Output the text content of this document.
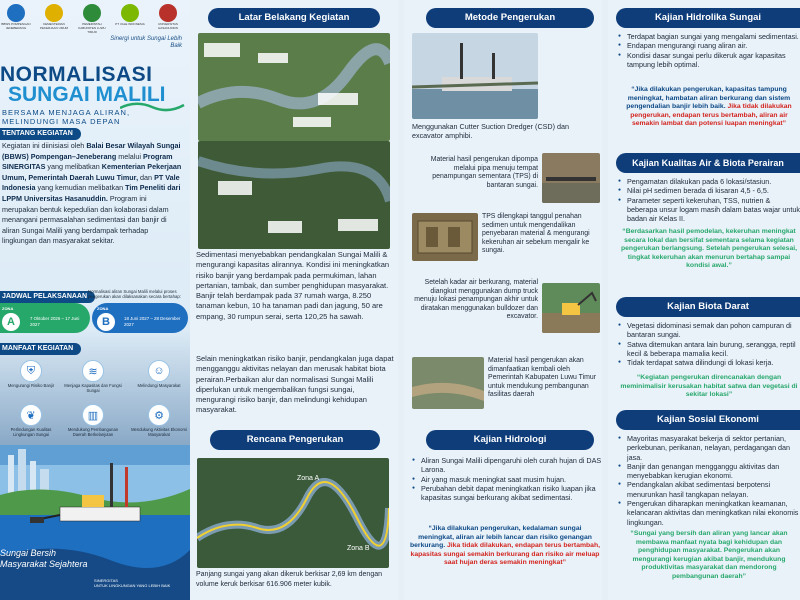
BBWS POMPENGAN JENEBERANG
KEMENTERIAN PEKERJAAN UMUM
PEMERINTAH KABUPATEN LUWU TIMUR
PT VALE INDONESIA	UNIVERSITAS HASANUDDIN
Sinergi untuk Sungai Lebih Baik
NORMALISASI
SUNGAI MALILI
BERSAMA MENJAGA ALIRAN,
MELINDUNGI MASA DEPAN
TENTANG KEGIATAN
Kegiatan ini diinisiasi oleh Balai Besar Wilayah Sungai (BBWS) Pompengan–Jeneberang melalui Program SINERGITAS yang melibatkan Kementerian Pekerjaan Umum, Pemerintah Daerah Luwu Timur, dan PT Vale Indonesia yang kemudian melibatkan Tim Peneliti dari LPPM Universitas Hasanuddin. Program ini merupakan bentuk kepedulian dan kolaborasi dalam menangani permasalahan sedimentasi dan banjir di aliran Sungai Malili yang berdampak terhadap lingkungan dan masyarakat sekitar.
JADWAL PELAKSANAAN
Normalisasi aliran Sungai Malili melalui proses pengerukan akan dilaksanakan secara bertahap:
ZONA
A	7 Oktober 2026 – 17 Juni 2027
ZONA
B	18 Juni 2027 – 28 Desember 2027
MANFAAT KEGIATAN
⛨
Mengurangi Risiko Banjir
≋
Menjaga Kapasitas dan Fungsi Sungai
☺
Melindungi Masyarakat
❦
Perlindungan Kualitas Lingkungan Sungai
▥
Mendukung Pembangunan Daerah Berkelanjutan
⚙
Mendukung Aktivitas Ekonomi Masyarakat
Sungai Bersih
Masyarakat Sejahtera
SINERGITAS
UNTUK LINGKUNGAN YANG LEBIH BAIK
Latar Belakang Kegiatan
Sedimentasi menyebabkan pendangkalan Sungai Malili & mengurangi kapasitas alirannya. Kondisi ini meningkatkan risiko banjir yang berdampak pada permukiman, lahan pertanian, tambak, dan sumber penghidupan masyarakat. Banjir telah berdampak pada 37 rumah warga, 8.250 tanaman kebun, 10 ha tanaman padi dan jagung, 50 are empang, 30 rumpun serai, serta 120,25 ha sawah.
Selain meningkatkan risiko banjir, pendangkalan juga dapat mengganggu aktivitas nelayan dan merusak habitat biota perairan.Perbaikan alur dan normalisasi Sungai Malili diperlukan untuk mengembalikan fungsi sungai, mengurangi risiko banjir, dan melindungi kehidupan masyarakat.
Rencana Pengerukan
Zona A
Zona B
Panjang sungai yang akan dikeruk berkisar 2,69 km dengan volume keruk berkisar 616.906 meter kubik.
Metode Pengerukan
Menggunakan Cutter Suction Dredger (CSD) dan excavator amphibi.
Material hasil pengerukan dipompa melalui pipa menuju tempat penampungan sementara (TPS) di bantaran sungai.
TPS dilengkapi tanggul penahan sedimen untuk mengendalikan penyebaran material & mengurangi kekeruhan air sebelum mengalir ke sungai.
Setelah kadar air berkurang, material diangkut menggunakan dump truck menuju lokasi penampungan akhir untuk diratakan menggunakan bulldozer dan excavator.
Material hasil pengerukan akan dimanfaatkan kembali oleh Pemerintah Kabupaten Luwu Timur untuk mendukung pembangunan fasilitas daerah
Kajian Hidrologi
● Aliran Sungai Malili dipengaruhi oleh curah hujan di DAS Larona.
● Air yang masuk meningkat saat musim hujan.
● Perubahan debit dapat meningkatkan risiko luapan jika kapasitas sungai berkurang akibat sedimentasi.
“Jika dilakukan pengerukan, kedalaman sungai meningkat, aliran air lebih lancar dan risiko genangan berkurang. Jika tidak dilakukan, endapan terus bertambah, kapasitas sungai semakin berkurang dan risiko air meluap saat hujan deras semakin meningkat”
Kajian Hidrolika Sungai
● Terdapat bagian sungai yang mengalami sedimentasi.
● Endapan mengurangi ruang aliran air.
● Kondisi dasar sungai perlu dikeruk agar kapasitas tampung lebih optimal.
“Jika dilakukan pengerukan, kapasitas tampung meningkat, hambatan aliran berkurang dan sistem pengendalian banjir lebih baik. Jika tidak dilakukan pengerukan, endapan terus bertambah, aliran air semakin lambat dan potensi luapan meningkat”
Kajian Kualitas Air & Biota Perairan
● Pengamatan dilakukan pada 6 lokasi/stasiun.
● Nilai pH sedimen berada di kisaran 4,5 - 6,5.
● Parameter seperti kekeruhan, TSS, nutrien & beberapa unsur logam masih dalam batas wajar untuk badan air Kelas II.
“Berdasarkan hasil pemodelan, kekeruhan meningkat secara lokal dan bersifat sementara selama kegiatan pengerukan berlangsung. Setelah pengerukan selesai, tingkat kekeruhan akan menurun bertahap sampai kondisi awal.”
Kajian Biota Darat
● Vegetasi didominasi semak dan pohon campuran di bantaran sungai.
● Satwa ditemukan antara lain burung, serangga, reptil kecil & beberapa mamalia kecil.
● Tidak terdapat satwa dilindungi di lokasi kerja.
“Kegiatan pengerukan direncanakan dengan meminimalisir kerusakan habitat satwa dan vegetasi di sekitar lokasi”
Kajian Sosial Ekonomi
● Mayoritas masyarakat bekerja di sektor pertanian, perkebunan, perikanan, nelayan, perdagangan dan jasa.
● Banjir dan genangan mengganggu aktivitas dan menyebabkan kerugian ekonomi.
● Pendangkalan akibat sedimentasi berpotensi menurunkan hasil tangkapan nelayan.
● Pengerukan diharapkan meningkatkan keamanan, kelancaran aktivitas dan meningkatkan nilai ekonomis lingkungan.
“Sungai yang bersih dan aliran yang lancar akan membawa manfaat nyata bagi kehidupan dan penghidupan masyarakat. Pengerukan akan mengurangi kerugian akibat banjir, mendukung produktivitas masyarakat dan mendorong pembangunan daerah”
